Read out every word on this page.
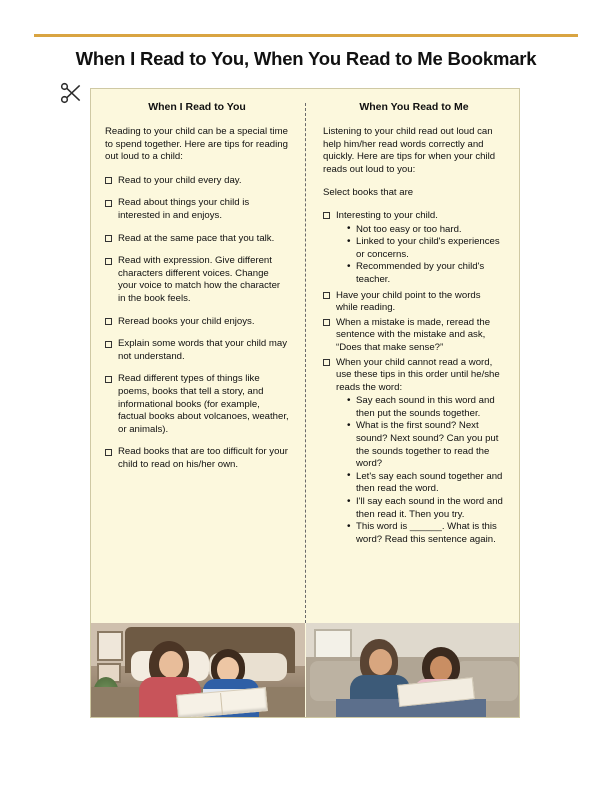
When I Read to You, When You Read to Me Bookmark
When I Read to You

Reading to your child can be a special time to spend together. Here are tips for reading out loud to a child:

Read to your child every day.
Read about things your child is interested in and enjoys.
Read at the same pace that you talk.
Read with expression. Give different characters different voices. Change your voice to match how the character in the book feels.
Reread books your child enjoys.
Explain some words that your child may not understand.
Read different types of things like poems, books that tell a story, and informational books (for example, factual books about volcanoes, weather, or animals).
Read books that are too difficult for your child to read on his/her own.
When You Read to Me

Listening to your child read out loud can help him/her read words correctly and quickly. Here are tips for when your child reads out loud to you:

Select books that are

Interesting to your child.
• Not too easy or too hard.
• Linked to your child's experiences or concerns.
• Recommended by your child's teacher.
Have your child point to the words while reading.
When a mistake is made, reread the sentence with the mistake and ask, “Does that make sense?”
When your child cannot read a word, use these tips in this order until he/she reads the word:
• Say each sound in this word and then put the sounds together.
• What is the first sound? Next sound? Next sound? Can you put the sounds together to read the word?
• Let's say each sound together and then read the word.
• I'll say each sound in the word and then read it. Then you try.
• This word is ______. What is this word? Read this sentence again.
